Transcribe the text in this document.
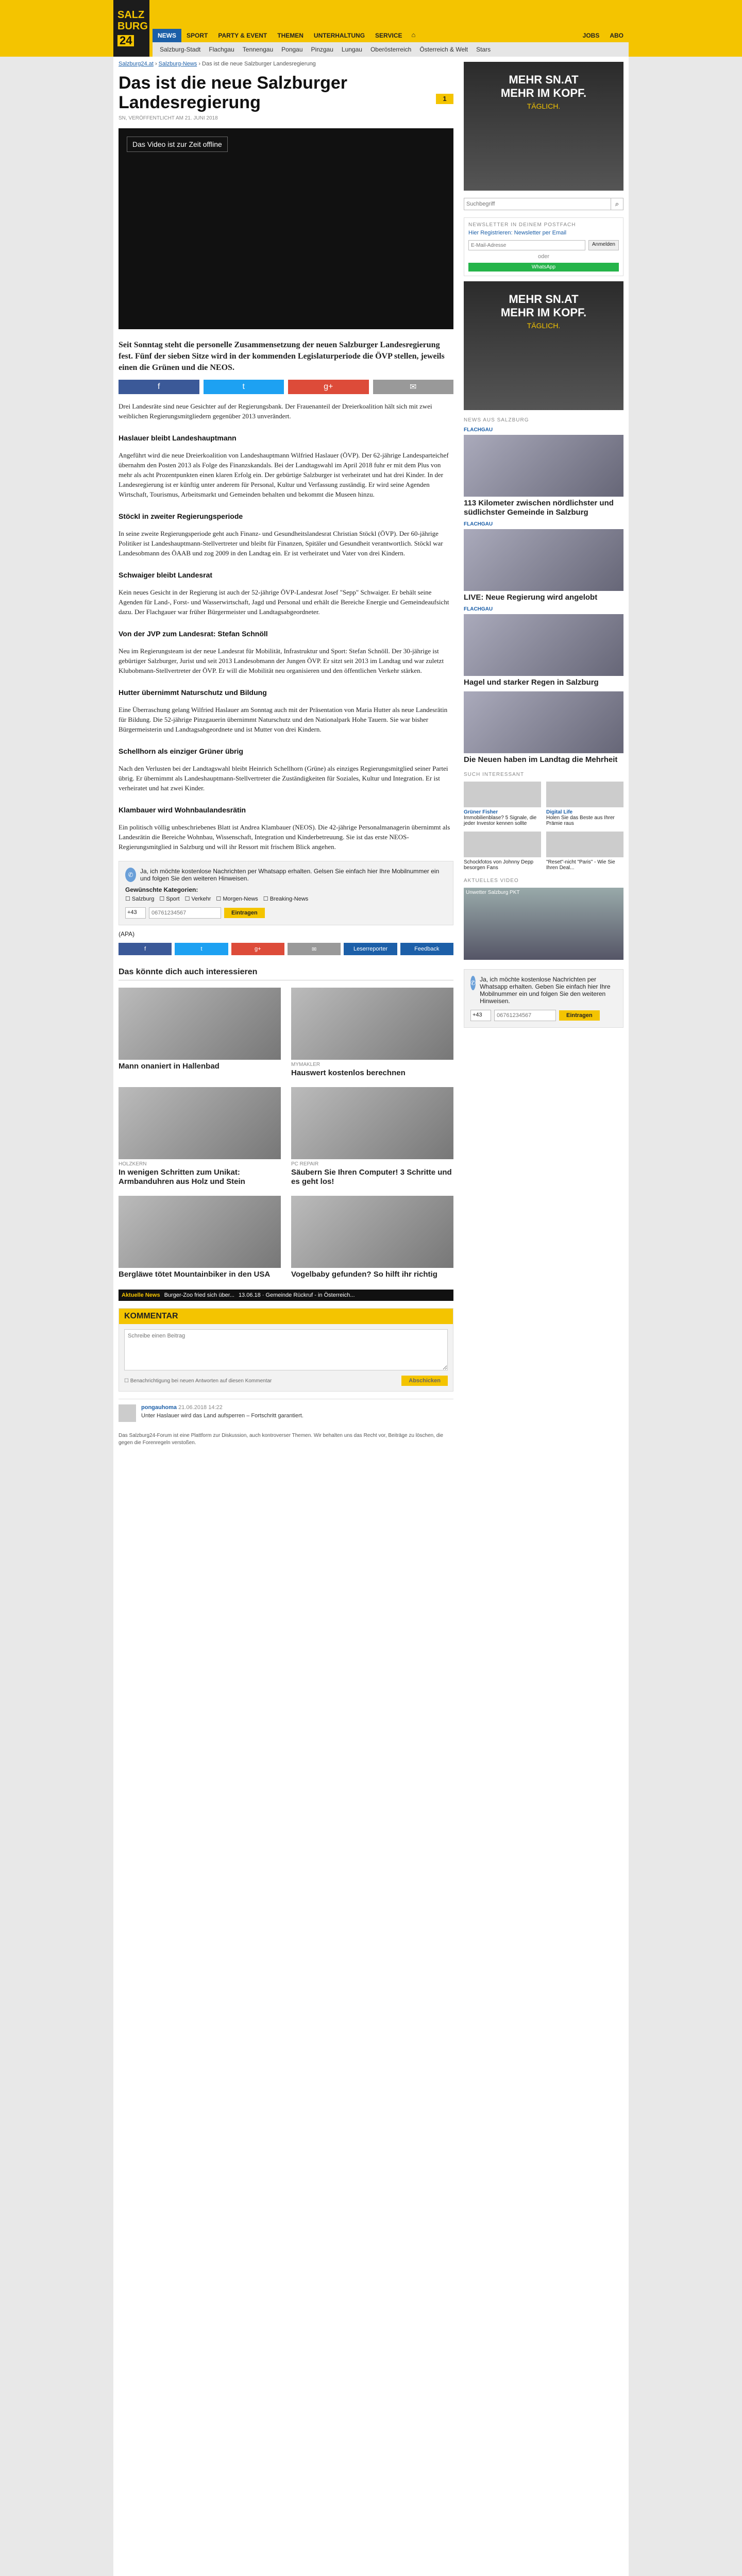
SALZ
BURG
24	NEWS	SPORT	PARTY & EVENT	THEMEN	UNTERHALTUNG	SERVICE	⌂	JOBS	ABO
Salzburg-Stadt	Flachgau	Tennengau	Pongau	Pinzgau	Lungau	Oberösterreich	Österreich & Welt	Stars
Salzburg24.at › Salzburg-News › Das ist die neue Salzburger Landesregierung
Das ist die neue Salzburger Landesregierung
SN, VERÖFFENTLICHT AM 21. JUNI 2018
1
Das Video ist zur Zeit offline
Seit Sonntag steht die personelle Zusammensetzung der neuen Salzburger Landesregierung fest. Fünf der sieben Sitze wird in der kommenden Legislaturperiode die ÖVP stellen, jeweils einen die Grünen und die NEOS.
f	t	g+	✉

Drei Landesräte sind neue Gesichter auf der Regierungsbank. Der Frauenanteil der Dreierkoalition hält sich mit zwei weiblichen Regierungsmitgliedern gegenüber 2013 unverändert.

Haslauer bleibt Landeshauptmann

Angeführt wird die neue Dreierkoalition von Landeshauptmann Wilfried Haslauer (ÖVP). Der 62-jährige Landesparteichef übernahm den Posten 2013 als Folge des Finanzskandals. Bei der Landtagswahl im April 2018 fuhr er mit dem Plus von mehr als acht Prozentpunkten einen klaren Erfolg ein. Der gebürtige Salzburger ist verheiratet und hat drei Kinder. In der Landesregierung ist er künftig unter anderem für Personal, Kultur und Verfassung zuständig. Er wird seine Agenden Wirtschaft, Tourismus, Arbeitsmarkt und Gemeinden behalten und bekommt die Museen hinzu.

Stöckl in zweiter Regierungsperiode

In seine zweite Regierungsperiode geht auch Finanz- und Gesundheitslandesrat Christian Stöckl (ÖVP). Der 60-jährige Politiker ist Landeshauptmann-Stellvertreter und bleibt für Finanzen, Spitäler und Gesundheit verantwortlich. Stöckl war Landesobmann des ÖAAB und zog 2009 in den Landtag ein. Er ist verheiratet und Vater von drei Kindern.

Schwaiger bleibt Landesrat

Kein neues Gesicht in der Regierung ist auch der 52-jährige ÖVP-Landesrat Josef "Sepp" Schwaiger. Er behält seine Agenden für Land-, Forst- und Wasserwirtschaft, Jagd und Personal und erhält die Bereiche Energie und Gemeindeaufsicht dazu. Der Flachgauer war früher Bürgermeister und Landtagsabgeordneter.

Von der JVP zum Landesrat: Stefan Schnöll

Neu im Regierungsteam ist der neue Landesrat für Mobilität, Infrastruktur und Sport: Stefan Schnöll. Der 30-jährige ist gebürtiger Salzburger, Jurist und seit 2013 Landesobmann der Jungen ÖVP. Er sitzt seit 2013 im Landtag und war zuletzt Klubobmann-Stellvertreter der ÖVP. Er will die Mobilität neu organisieren und den öffentlichen Verkehr stärken.

Hutter übernimmt Naturschutz und Bildung

Eine Überraschung gelang Wilfried Haslauer am Sonntag auch mit der Präsentation von Maria Hutter als neue Landesrätin für Bildung. Die 52-jährige Pinzgauerin übernimmt Naturschutz und den Nationalpark Hohe Tauern. Sie war bisher Bürgermeisterin und Landtagsabgeordnete und ist Mutter von drei Kindern.

Schellhorn als einziger Grüner übrig

Nach den Verlusten bei der Landtagswahl bleibt Heinrich Schellhorn (Grüne) als einziges Regierungsmitglied seiner Partei übrig. Er übernimmt als Landeshauptmann-Stellvertreter die Zuständigkeiten für Soziales, Kultur und Integration. Er ist verheiratet und hat zwei Kinder.

Klambauer wird Wohnbaulandesrätin

Ein politisch völlig unbeschriebenes Blatt ist Andrea Klambauer (NEOS). Die 42-jährige Personalmanagerin übernimmt als Landesrätin die Bereiche Wohnbau, Wissenschaft, Integration und Kinderbetreuung. Sie ist das erste NEOS-Regierungsmitglied in Salzburg und will ihr Ressort mit frischem Blick angehen.

✆	Ja, ich möchte kostenlose Nachrichten per Whatsapp erhalten. Gelsen Sie einfach hier Ihre Mobilnummer ein und folgen Sie den weiteren Hinweisen.
Gewünschte Kategorien:
☐ Salzburg ☐ Sport ☐ Verkehr ☐ Morgen-News ☐ Breaking-News
+43
06761234567	Eintragen
(APA)
f	t	g+	✉	Leserreporter	Feedback
Das könnte dich auch interessieren
Mann onaniert in Hallenbad	MYMAKLER
Hauswert kostenlos berechnen
HOLZKERN
In wenigen Schritten zum Unikat: Armbanduhren aus Holz und Stein
PC REPAIR
Säubern Sie Ihren Computer! 3 Schritte und es geht los!
Bergläwe tötet Mountainbiker in den USA	Vogelbaby gefunden? So hilft ihr richtig
Aktuelle News Burger-Zoo fried sich über... 13.06.18 · Gemeinde Rückruf - in Österreich...
KOMMENTAR
Schreibe einen Beitrag
☐ Benachrichtigung bei neuen Antworten auf diesen Kommentar	Abschicken
pongauhoma 21.06.2018 14:22
Unter Haslauer wird das Land aufsperren – Fortschritt garantiert.
Das Salzburg24-Forum ist eine Plattform zur Diskussion, auch kontroverser Themen. Wir behalten uns das Recht vor, Beiträge zu löschen, die gegen die Forenregeln verstoßen.
MEHR SN.AT
MEHR IM KOPF.
TÄGLICH.
Suchbegriff
⌕
NEWSLETTER IN DEINEM POSTFACH
Hier Registrieren: Newsletter per Email
E-Mail-Adresse
Anmelden
oder
WhatsApp
MEHR SN.AT
MEHR IM KOPF.
TÄGLICH.
NEWS AUS SALZBURG
FLACHGAU
113 Kilometer zwischen nördlichster und südlichster Gemeinde in Salzburg
FLACHGAU
LIVE: Neue Regierung wird angelobt
FLACHGAU
Hagel und starker Regen in Salzburg
Die Neuen haben im Landtag die Mehrheit
SUCH INTERESSANT
Grüner Fisher
Immobilienblase? 5 Signale, die jeder Investor kennen sollte
Digital Life
Holen Sie das Beste aus Ihrer Prämie raus
Schockfotos von Johnny Depp besorgen Fans
"Reset"-nicht "Paris" - Wie Sie Ihren Deal...
AKTUELLES VIDEO
Unwetter Salzburg PKT
✆ Ja, ich möchte kostenlose Nachrichten per Whatsapp erhalten. Geben Sie einfach hier Ihre Mobilnummer ein und folgen Sie den weiteren Hinweisen.
+43
06761234567	Eintragen
